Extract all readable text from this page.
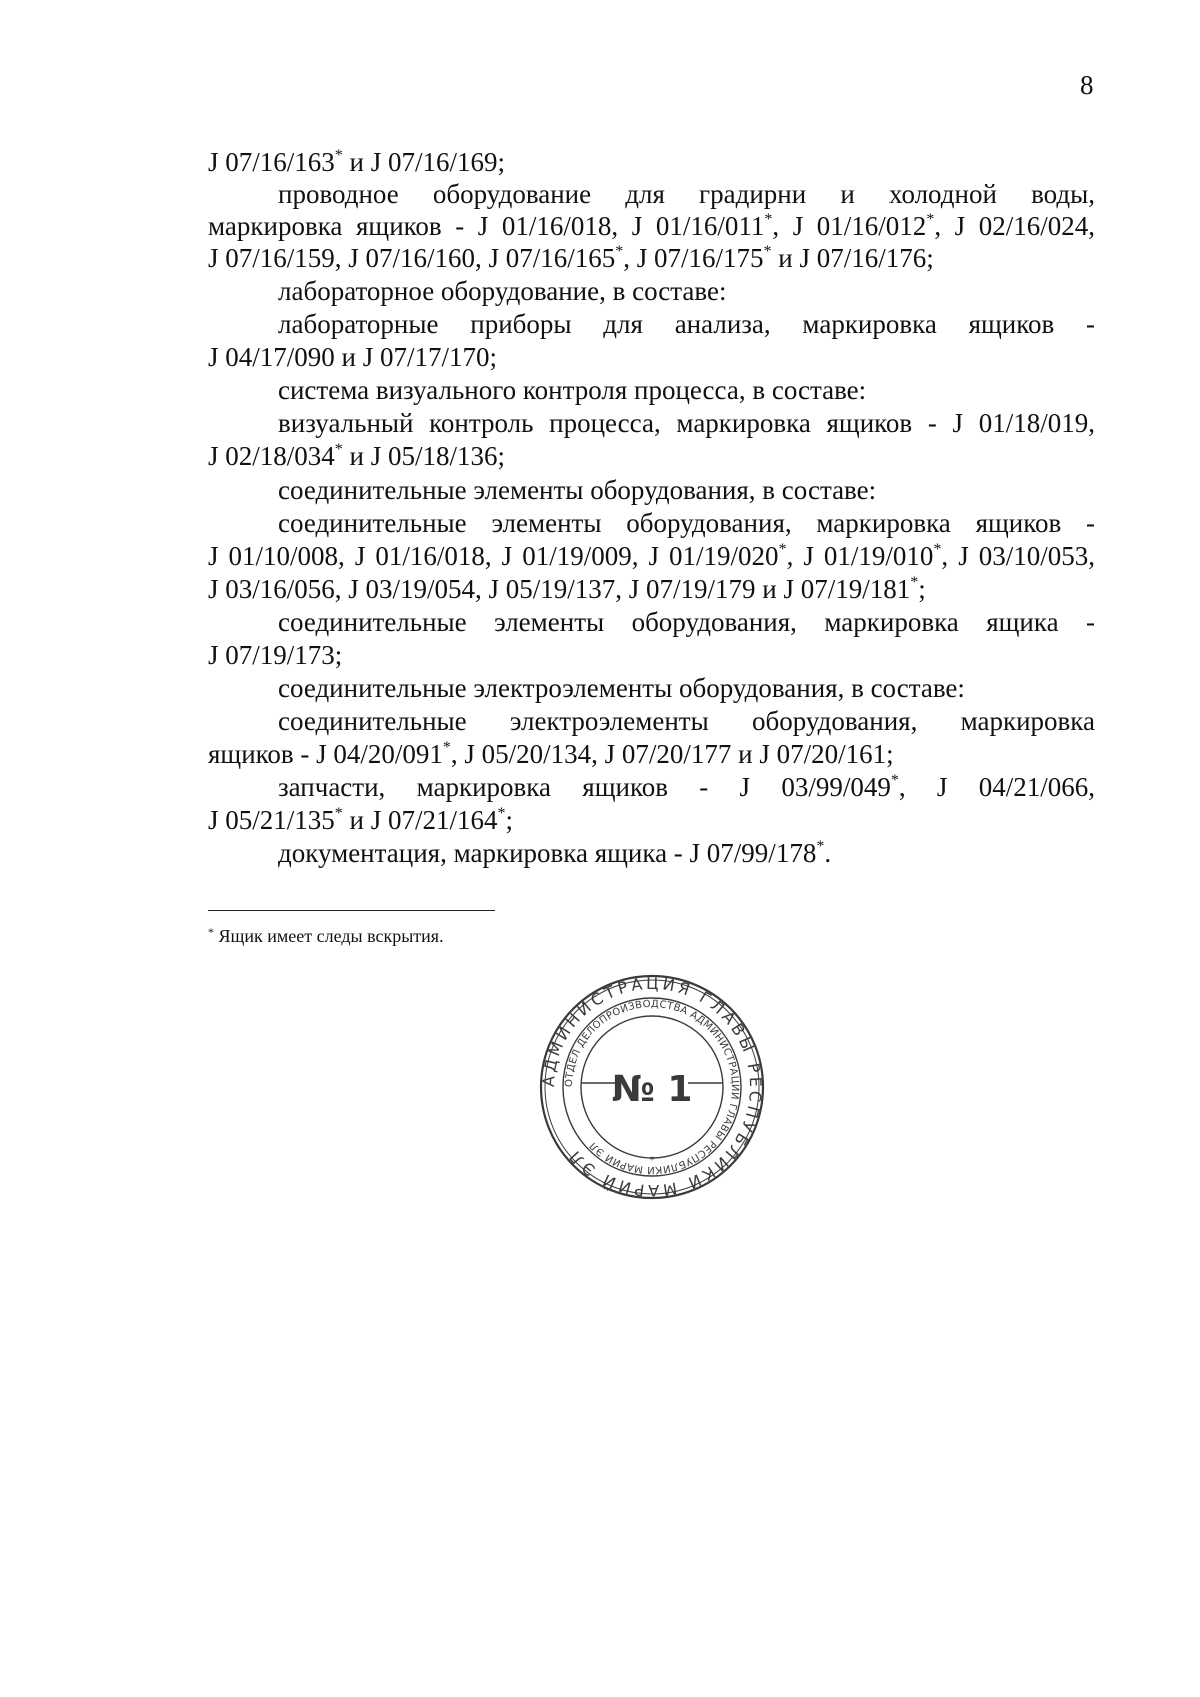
8
J 07/16/163* и J 07/16/169;
проводное оборудование для градирни и холодной воды,
маркировка ящиков - J 01/16/018, J 01/16/011*, J 01/16/012*, J 02/16/024,
J 07/16/159, J 07/16/160, J 07/16/165*, J 07/16/175* и J 07/16/176;
лабораторное оборудование, в составе:
лабораторные приборы для анализа, маркировка ящиков -
J 04/17/090 и J 07/17/170;
система визуального контроля процесса, в составе:
визуальный контроль процесса, маркировка ящиков - J 01/18/019,
J 02/18/034* и J 05/18/136;
соединительные элементы оборудования, в составе:
соединительные элементы оборудования, маркировка ящиков -
J 01/10/008, J 01/16/018, J 01/19/009, J 01/19/020*, J 01/19/010*, J 03/10/053,
J 03/16/056, J 03/19/054, J 05/19/137, J 07/19/179 и J 07/19/181*;
соединительные элементы оборудования, маркировка ящика -
J 07/19/173;
соединительные электроэлементы оборудования, в составе:
соединительные электроэлементы оборудования, маркировка
ящиков - J 04/20/091*, J 05/20/134, J 07/20/177 и J 07/20/161;
запчасти, маркировка ящиков - J 03/99/049*, J 04/21/066,
J 05/21/135* и J 07/21/164*;
документация, маркировка ящика - J 07/99/178*.
* Ящик имеет следы вскрытия.
АДМИНИСТРАЦИЯ ГЛАВЫ РЕСПУБЛИКИ МАРИЙ ЭЛ
ОТДЕЛ ДЕЛОПРОИЗВОДСТВА АДМИНИСТРАЦИИ ГЛАВЫ РЕСПУБЛИКИ МАРИЙ ЭЛ
№ 1
*
